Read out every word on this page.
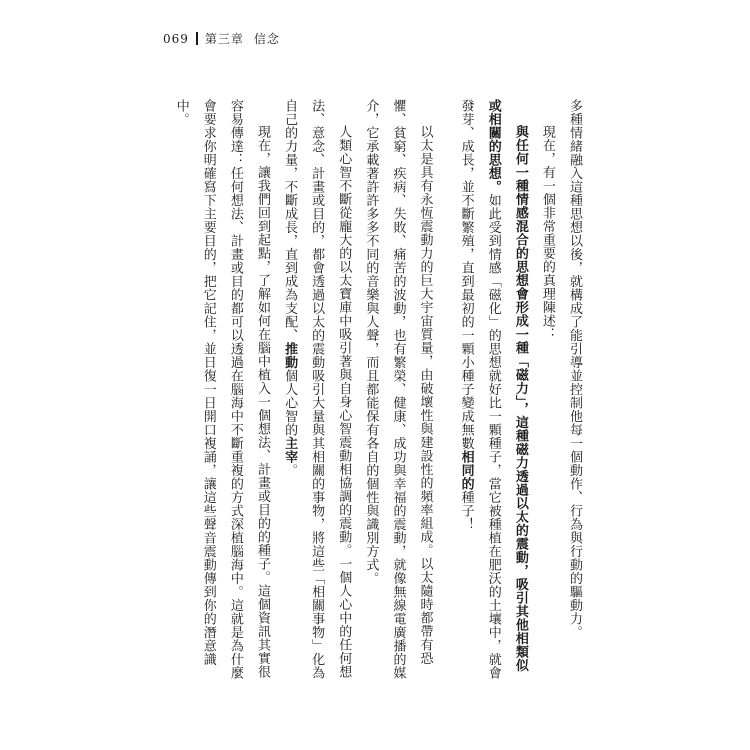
069 第三章 信念

多種情緒融入這種思想以後，就構成了能引導並控制他每一個動作、行為與行動的驅動力。

現在，有一個非常重要的真理陳述：

與任何一種情感混合的思想會形成一種「磁力」，這種磁力透過以太的震動，吸引其他相類似或相關的思想。如此受到情感「磁化」的思想就好比一顆種子，當它被種植在肥沃的土壤中，就會發芽、成長，並不斷繁殖，直到最初的一顆小種子變成無數相同的種子！

以太是具有永恆震動力的巨大宇宙質量，由破壞性與建設性的頻率組成。以太隨時都帶有恐懼、貧窮、疾病、失敗、痛苦的波動，也有繁榮、健康、成功與幸福的震動，就像無線電廣播的媒介，它承載著許許多多不同的音樂與人聲，而且都能保有各自的個性與識別方式。

人類心智不斷從龐大的以太寶庫中吸引著與自身心智震動相協調的震動。一個人心中的任何想法、意念、計畫或目的，都會透過以太的震動吸引大量與其相關的事物，將這些「相關事物」化為自己的力量，不斷成長，直到成為支配、推動個人心智的主宰。

現在，讓我們回到起點，了解如何在腦中植入一個想法、計畫或目的的種子。這個資訊其實很容易傳達：任何想法、計畫或目的都可以透過在腦海中不斷重複的方式深植腦海中。這就是為什麼會要求你明確寫下主要目的，把它記住，並日復一日開口複誦，讓這些聲音震動傳到你的潛意識中。
